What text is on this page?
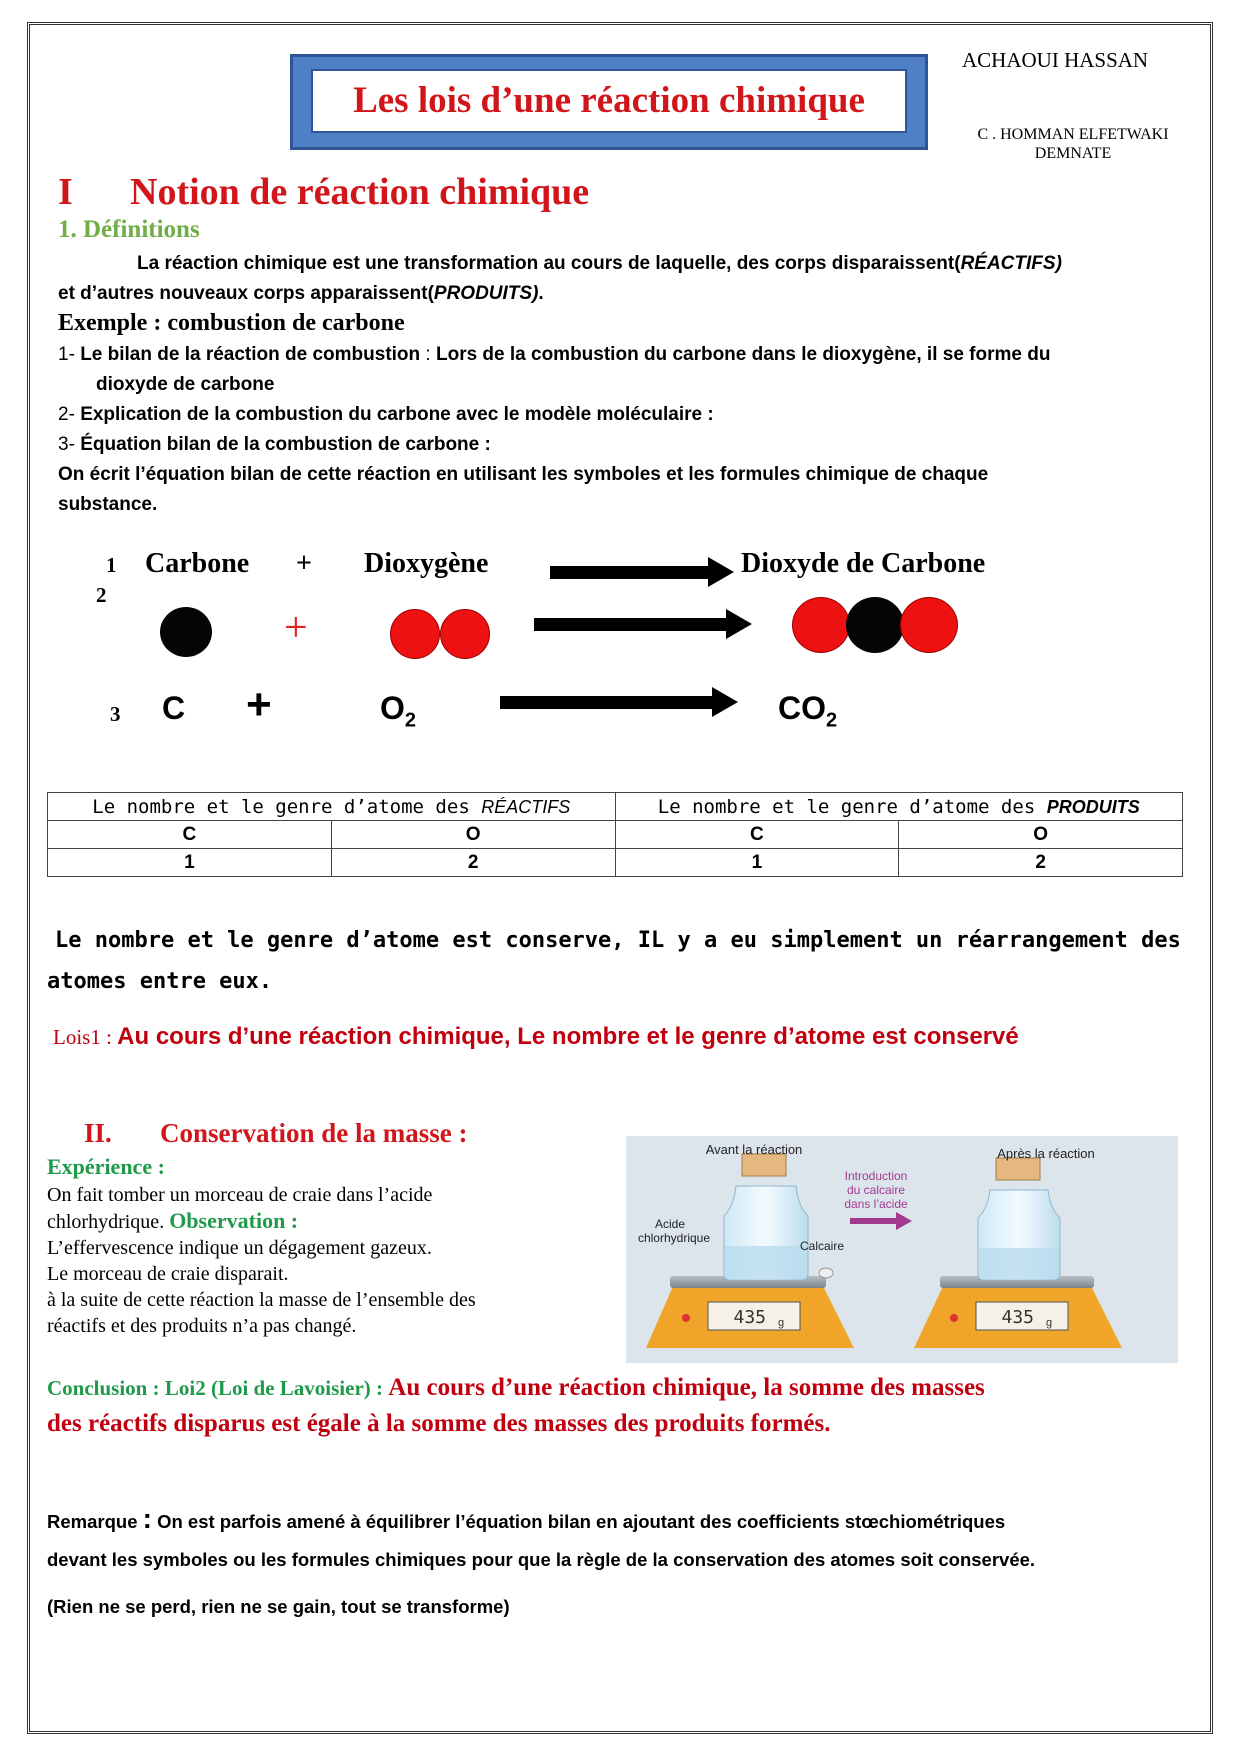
Les lois d’une réaction chimique
ACHAOUI HASSAN
C . HOMMAN ELFETWAKI
DEMNATE
I Notion de réaction chimique
1. Définitions
La réaction chimique est une transformation au cours de laquelle, des corps disparaissent(RÉACTIFS)
et d’autres nouveaux corps apparaissent(PRODUITS).
Exemple : combustion de carbone
1- Le bilan de la réaction de combustion : Lors de la combustion du carbone dans le dioxygène, il se forme du
dioxyde de carbone
2- Explication de la combustion du carbone avec le modèle moléculaire :
3- Équation bilan de la combustion de carbone :
On écrit l’équation bilan de cette réaction en utilisant les symboles et les formules chimique de chaque
substance.
1
2
3
Carbone + Dioxygène	Dioxyde de Carbone
+
C +	$O_2$	$CO_2$
Le nombre et le genre d’atome des RÉACTIFS		Le nombre et le genre d’atome des PRODUITS	
C	O	C	O
1	2	1	2
Le nombre et le genre d’atome est conserve, IL y a eu simplement un réarrangement des
atomes entre eux.
Lois1 : Au cours d’une réaction chimique, Le nombre et le genre d’atome est conservé
II. Conservation de la masse :
Expérience :
On fait tomber un morceau de craie dans l’acide
chlorhydrique. Observation :
L’effervescence indique un dégagement gazeux.
Le morceau de craie disparait.
à la suite de cette réaction la masse de l’ensemble des
réactifs et des produits n’a pas changé.
Avant la réaction	Après la réaction
Introduction
du calcaire
dans l’acide
Acide
chlorhydrique
Calcaire
435 g	435 g
Conclusion : Loi2 (Loi de Lavoisier) : Au cours d’une réaction chimique, la somme des masses
des réactifs disparus est égale à la somme des masses des produits formés.
Remarque : On est parfois amené à équilibrer l’équation bilan en ajoutant des coefficients stœchiométriques
devant les symboles ou les formules chimiques pour que la règle de la conservation des atomes soit conservée.
(Rien ne se perd, rien ne se gain, tout se transforme)
